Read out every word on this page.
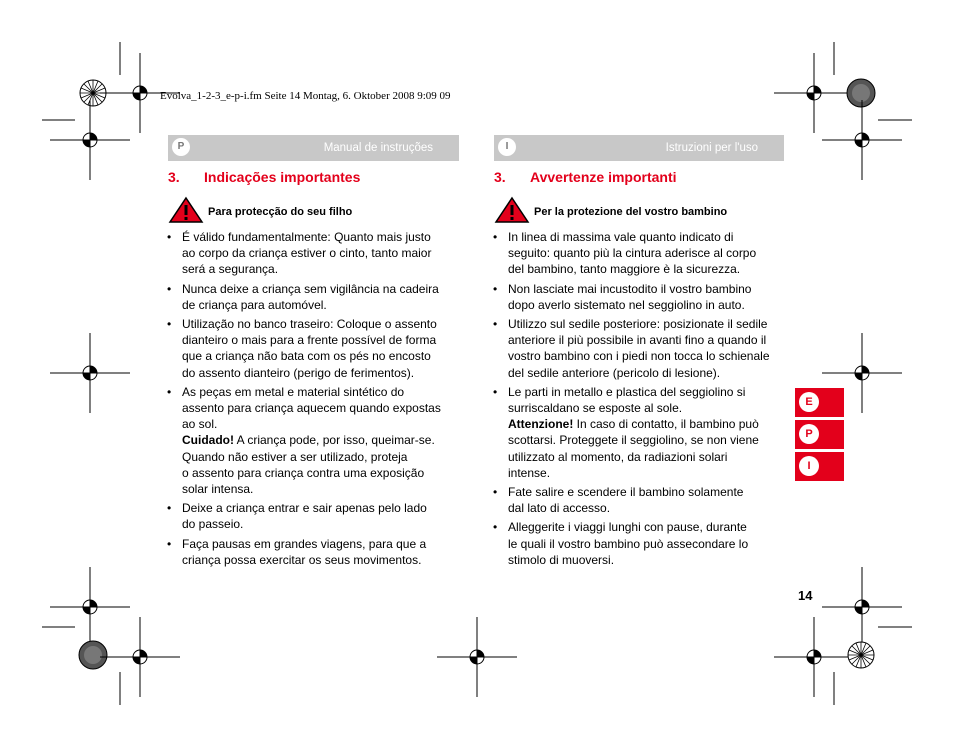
Evolva_1-2-3_e-p-i.fm Seite 14 Montag, 6. Oktober 2008 9:09 09
P	Manual de instruções
3. Indicações importantes
Para protecção do seu filho
• É válido fundamentalmente: Quanto mais justo
ao corpo da criança estiver o cinto, tanto maior
será a segurança.
• Nunca deixe a criança sem vigilância na cadeira
de criança para automóvel.
• Utilização no banco traseiro: Coloque o assento
dianteiro o mais para a frente possível de forma
que a criança não bata com os pés no encosto
do assento dianteiro (perigo de ferimentos).
• As peças em metal e material sintético do
assento para criança aquecem quando expostas
ao sol.
Cuidado! A criança pode, por isso, queimar-se.
Quando não estiver a ser utilizado, proteja
o assento para criança contra uma exposição
solar intensa.
• Deixe a criança entrar e sair apenas pelo lado
do passeio.
• Faça pausas em grandes viagens, para que a
criança possa exercitar os seus movimentos.
I	Istruzioni per l'uso
3. Avvertenze importanti
Per la protezione del vostro bambino
• In linea di massima vale quanto indicato di
seguito: quanto più la cintura aderisce al corpo
del bambino, tanto maggiore è la sicurezza.
• Non lasciate mai incustodito il vostro bambino
dopo averlo sistemato nel seggiolino in auto.
• Utilizzo sul sedile posteriore: posizionate il sedile
anteriore il più possibile in avanti fino a quando il
vostro bambino con i piedi non tocca lo schienale
del sedile anteriore (pericolo di lesione).
• Le parti in metallo e plastica del seggiolino si
surriscaldano se esposte al sole.
Attenzione! In caso di contatto, il bambino può
scottarsi. Proteggete il seggiolino, se non viene
utilizzato al momento, da radiazioni solari
intense.
• Fate salire e scendere il bambino solamente
dal lato di accesso.
• Alleggerite i viaggi lunghi con pause, durante
le quali il vostro bambino può assecondare lo
stimolo di muoversi.
E
P
I
14
